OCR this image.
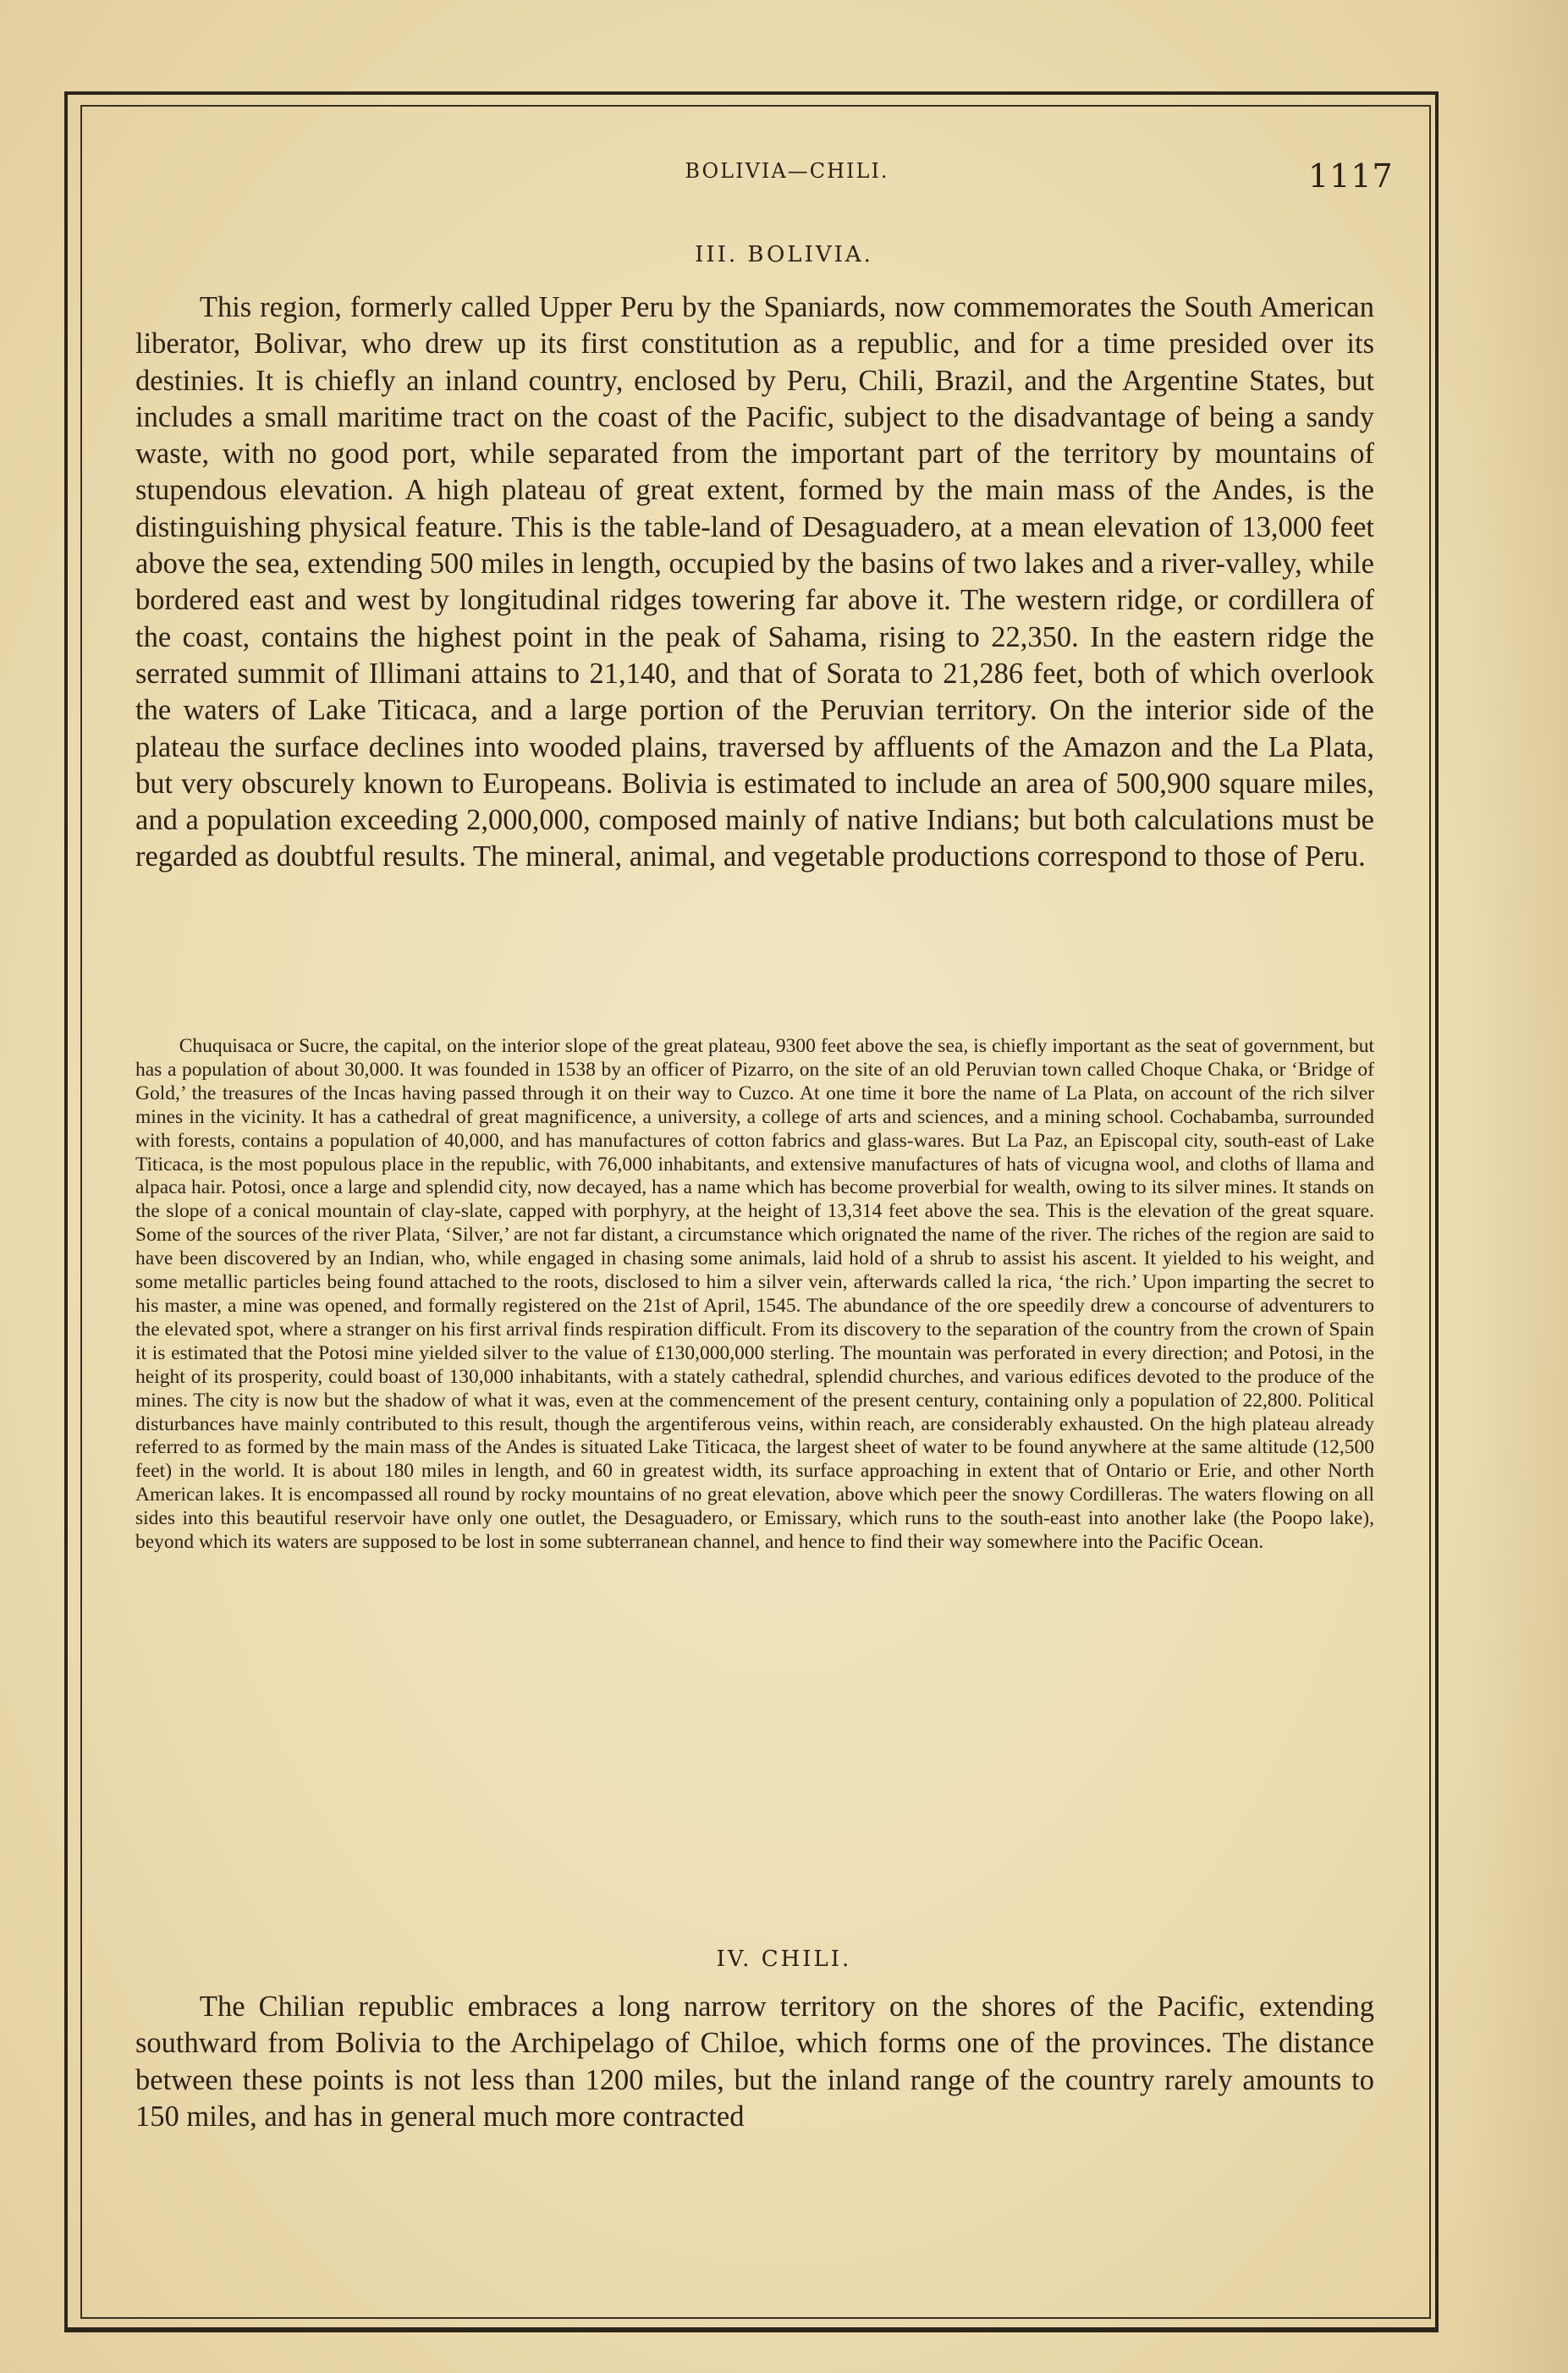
BOLIVIA—CHILI.	1117
III. BOLIVIA.
This region, formerly called Upper Peru by the Spaniards, now commemorates the South American liberator, Bolivar, who drew up its first constitution as a republic, and for a time presided over its destinies. It is chiefly an inland country, enclosed by Peru, Chili, Brazil, and the Argentine States, but includes a small maritime tract on the coast of the Pacific, subject to the disadvantage of being a sandy waste, with no good port, while separated from the important part of the territory by mountains of stupendous elevation. A high plateau of great extent, formed by the main mass of the Andes, is the distinguishing physical feature. This is the table-land of Desaguadero, at a mean elevation of 13,000 feet above the sea, extending 500 miles in length, occupied by the basins of two lakes and a river-valley, while bordered east and west by longitudinal ridges towering far above it. The western ridge, or cordillera of the coast, contains the highest point in the peak of Sahama, rising to 22,350. In the eastern ridge the serrated summit of Illimani attains to 21,140, and that of Sorata to 21,286 feet, both of which overlook the waters of Lake Titicaca, and a large portion of the Peruvian territory. On the interior side of the plateau the surface declines into wooded plains, traversed by affluents of the Amazon and the La Plata, but very obscurely known to Europeans. Bolivia is estimated to include an area of 500,900 square miles, and a population exceeding 2,000,000, composed mainly of native Indians; but both calculations must be regarded as doubtful results. The mineral, animal, and vegetable productions correspond to those of Peru.
Chuquisaca or Sucre, the capital, on the interior slope of the great plateau, 9300 feet above the sea, is chiefly important as the seat of government, but has a population of about 30,000. It was founded in 1538 by an officer of Pizarro, on the site of an old Peruvian town called Choque Chaka, or ‘Bridge of Gold,’ the treasures of the Incas having passed through it on their way to Cuzco. At one time it bore the name of La Plata, on account of the rich silver mines in the vicinity. It has a cathedral of great magnificence, a university, a college of arts and sciences, and a mining school. Cochabamba, surrounded with forests, contains a population of 40,000, and has manufactures of cotton fabrics and glass-wares. But La Paz, an Episcopal city, south-east of Lake Titicaca, is the most populous place in the republic, with 76,000 inhabitants, and extensive manufactures of hats of vicugna wool, and cloths of llama and alpaca hair. Potosi, once a large and splendid city, now decayed, has a name which has become proverbial for wealth, owing to its silver mines. It stands on the slope of a conical mountain of clay-slate, capped with porphyry, at the height of 13,314 feet above the sea. This is the elevation of the great square. Some of the sources of the river Plata, ‘Silver,’ are not far distant, a circumstance which orignated the name of the river. The riches of the region are said to have been discovered by an Indian, who, while engaged in chasing some animals, laid hold of a shrub to assist his ascent. It yielded to his weight, and some metallic particles being found attached to the roots, disclosed to him a silver vein, afterwards called la rica, ‘the rich.’ Upon imparting the secret to his master, a mine was opened, and formally registered on the 21st of April, 1545. The abundance of the ore speedily drew a concourse of adventurers to the elevated spot, where a stranger on his first arrival finds respiration difficult. From its discovery to the separation of the country from the crown of Spain it is estimated that the Potosi mine yielded silver to the value of £130,000,000 sterling. The mountain was perforated in every direction; and Potosi, in the height of its prosperity, could boast of 130,000 inhabitants, with a stately cathedral, splendid churches, and various edifices devoted to the produce of the mines. The city is now but the shadow of what it was, even at the commencement of the present century, containing only a population of 22,800. Political disturbances have mainly contributed to this result, though the argentiferous veins, within reach, are considerably exhausted. On the high plateau already referred to as formed by the main mass of the Andes is situated Lake Titicaca, the largest sheet of water to be found anywhere at the same altitude (12,500 feet) in the world. It is about 180 miles in length, and 60 in greatest width, its surface approaching in extent that of Ontario or Erie, and other North American lakes. It is encompassed all round by rocky mountains of no great elevation, above which peer the snowy Cordilleras. The waters flowing on all sides into this beautiful reservoir have only one outlet, the Desaguadero, or Emissary, which runs to the south-east into another lake (the Poopo lake), beyond which its waters are supposed to be lost in some subterranean channel, and hence to find their way somewhere into the Pacific Ocean.
IV. CHILI.
The Chilian republic embraces a long narrow territory on the shores of the Pacific, extending southward from Bolivia to the Archipelago of Chiloe, which forms one of the provinces. The distance between these points is not less than 1200 miles, but the inland range of the country rarely amounts to 150 miles, and has in general much more contracted
